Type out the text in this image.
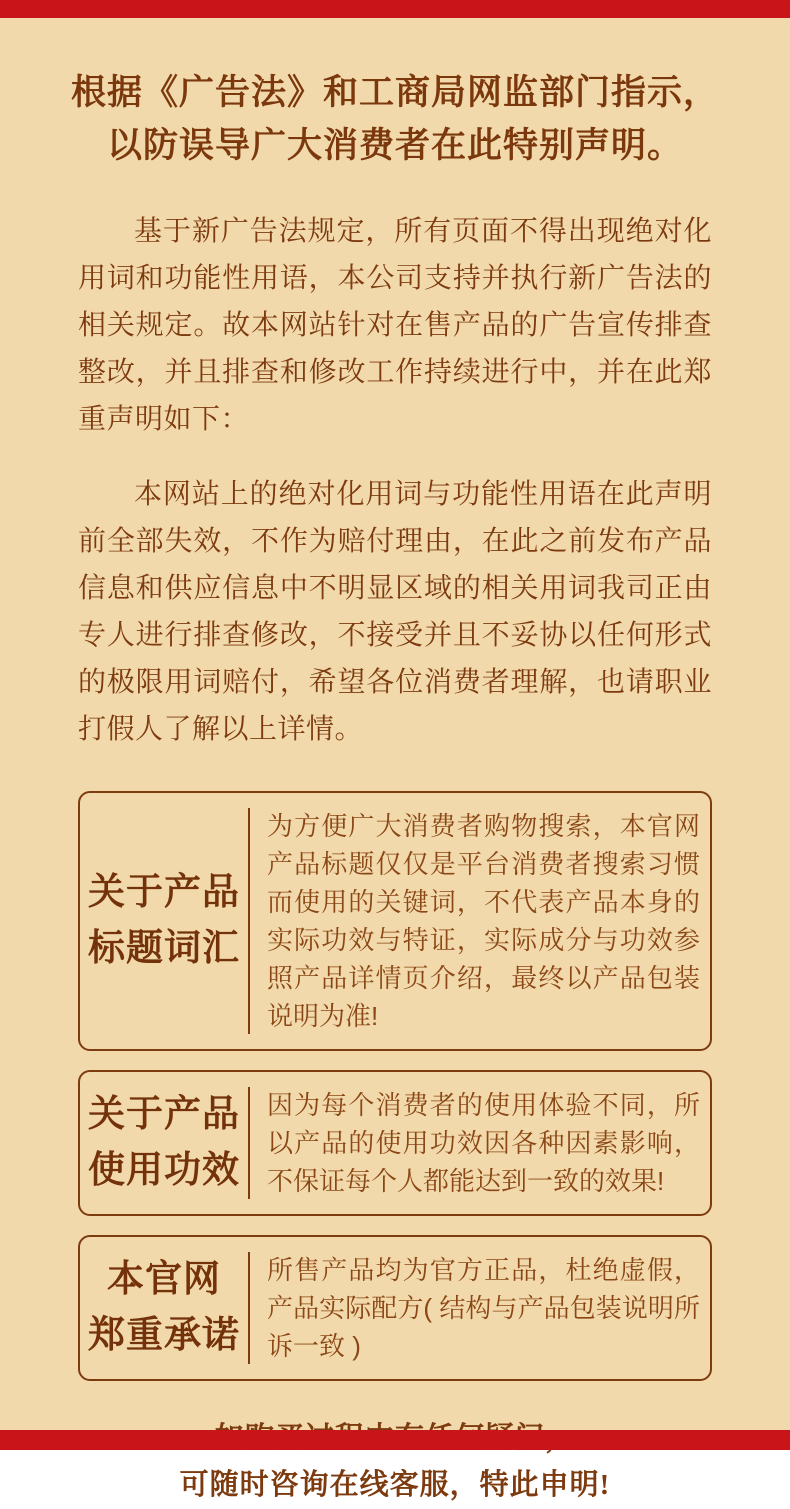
根据《广告法》和工商局网监部门指示，
以防误导广大消费者在此特别声明。
基于新广告法规定，所有页面不得出现绝对化用词和功能性用语，本公司支持并执行新广告法的相关规定。故本网站针对在售产品的广告宣传排查整改，并且排查和修改工作持续进行中，并在此郑重声明如下：
本网站上的绝对化用词与功能性用语在此声明前全部失效，不作为赔付理由，在此之前发布产品信息和供应信息中不明显区域的相关用词我司正由专人进行排查修改，不接受并且不妥协以任何形式的极限用词赔付，希望各位消费者理解，也请职业打假人了解以上详情。
关于产品
标题词汇
为方便广大消费者购物搜索，本官网产品标题仅仅是平台消费者搜索习惯而使用的关键词，不代表产品本身的实际功效与特证，实际成分与功效参照产品详情页介绍，最终以产品包装说明为准!
关于产品
使用功效
因为每个消费者的使用体验不同，所以产品的使用功效因各种因素影响，不保证每个人都能达到一致的效果!
本官网
郑重承诺
所售产品均为官方正品，杜绝虚假，产品实际配方( 结构与产品包装说明所诉一致 )
可随时咨询在线客服，特此申明!
